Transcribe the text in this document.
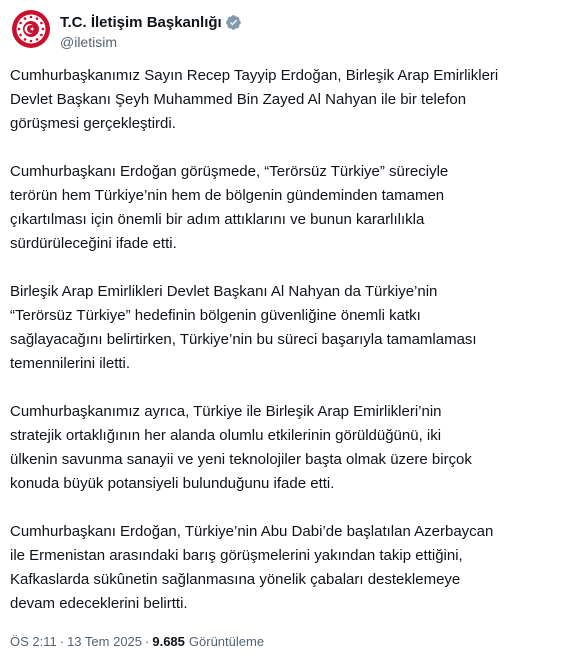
T.C. İletişim Başkanlığı
@iletisim

Cumhurbaşkanımız Sayın Recep Tayyip Erdoğan, Birleşik Arap Emirlikleri
Devlet Başkanı Şeyh Muhammed Bin Zayed Al Nahyan ile bir telefon
görüşmesi gerçekleştirdi.

Cumhurbaşkanı Erdoğan görüşmede, “Terörsüz Türkiye” süreciyle
terörün hem Türkiye’nin hem de bölgenin gündeminden tamamen
çıkartılması için önemli bir adım attıklarını ve bunun kararlılıkla
sürdürüleceğini ifade etti.

Birleşik Arap Emirlikleri Devlet Başkanı Al Nahyan da Türkiye’nin
“Terörsüz Türkiye” hedefinin bölgenin güvenliğine önemli katkı
sağlayacağını belirtirken, Türkiye’nin bu süreci başarıyla tamamlaması
temennilerini iletti.

Cumhurbaşkanımız ayrıca, Türkiye ile Birleşik Arap Emirlikleri’nin
stratejik ortaklığının her alanda olumlu etkilerinin görüldüğünü, iki
ülkenin savunma sanayii ve yeni teknolojiler başta olmak üzere birçok
konuda büyük potansiyeli bulunduğunu ifade etti.

Cumhurbaşkanı Erdoğan, Türkiye’nin Abu Dabi’de başlatılan Azerbaycan
ile Ermenistan arasındaki barış görüşmelerini yakından takip ettiğini,
Kafkaslarda sükûnetin sağlanmasına yönelik çabaları desteklemeye
devam edeceklerini belirtti.

ÖS 2:11 · 13 Tem 2025 · 9.685 Görüntüleme
